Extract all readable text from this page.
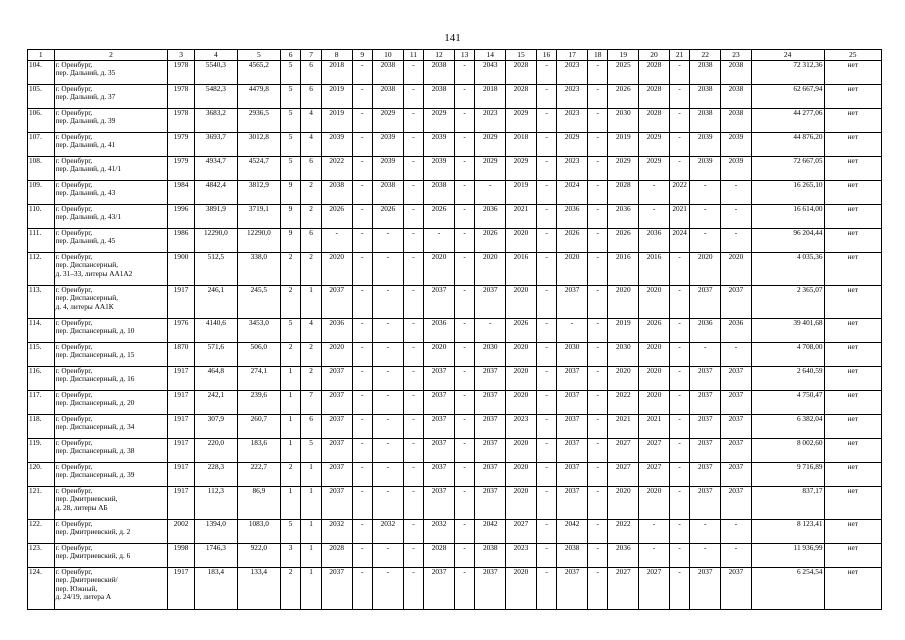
141
1	2	3	4	5	6	7	8	9	10	11	12	13	14	15	16	17	18	19	20	21	22	23	24	25
104.	г. Оренбург,
пер. Дальний, д. 35	1978	5540,3	4565,2	5	6	2018	-	2038	-	2038	-	2043	2028	-	2023	-	2025	2028	-	2038	2038	72 312,36	нет
105.	г. Оренбург,
пер. Дальний, д. 37	1978	5482,3	4479,8	5	6	2019	-	2038	-	2038	-	2018	2028	-	2023	-	2026	2028	-	2038	2038	62 667,94	нет
106.	г. Оренбург,
пер. Дальний, д. 39	1978	3683,2	2936,5	5	4	2019	-	2029	-	2029	-	2023	2029	-	2023	-	2030	2028	-	2038	2038	44 277,06	нет
107.	г. Оренбург,
пер. Дальний, д. 41	1979	3693,7	3012,8	5	4	2039	-	2039	-	2039	-	2029	2018	-	2029	-	2019	2029	-	2039	2039	44 876,20	нет
108.	г. Оренбург,
пер. Дальний, д. 41/1	1979	4934,7	4524,7	5	6	2022	-	2039	-	2039	-	2029	2029	-	2023	-	2029	2029	-	2039	2039	72 667,05	нет
109.	г. Оренбург,
пер. Дальний, д. 43	1984	4842,4	3812,9	9	2	2038	-	2038	-	2038	-	-	2019	-	2024	-	2028	-	2022	-	-	16 265,10	нет
110.	г. Оренбург,
пер. Дальний, д. 43/1	1996	3891,9	3719,1	9	2	2026	-	2026	-	2026	-	2036	2021	-	2036	-	2036	-	2021	-	-	16 614,00	нет
111.	г. Оренбург,
пер. Дальний, д. 45	1986	12290,0	12290,0	9	6	-	-	-	-	-	-	2026	2020	-	2026	-	2026	2036	2024	-	-	96 204,44	нет
112.	г. Оренбург,
пер. Диспансерный,
д. 31–33, литеры АА1А2	1900	512,5	338,0	2	2	2020	-	-	-	2020	-	2020	2016	-	2020	-	2016	2016	-	2020	2020	4 035,36	нет
113.	г. Оренбург,
пер. Диспансерный,
д. 4, литеры АА1К	1917	246,1	245,5	2	1	2037	-	-	-	2037	-	2037	2020	-	2037	-	2020	2020	-	2037	2037	2 365,07	нет
114.	г. Оренбург,
пер. Диспансерный, д. 10	1976	4140,6	3453,0	5	4	2036	-	-	-	2036	-	-	2026	-	-	-	2019	2026	-	2036	2036	39 401,68	нет
115.	г. Оренбург,
пер. Диспансерный, д. 15	1870	571,6	506,0	2	2	2020	-	-	-	2020	-	2030	2020	-	2030	-	2030	2020	-	-	-	4 708,00	нет
116.	г. Оренбург,
пер. Диспансерный, д. 16	1917	464,8	274,1	1	2	2037	-	-	-	2037	-	2037	2020	-	2037	-	2020	2020	-	2037	2037	2 640,59	нет
117.	г. Оренбург,
пер. Диспансерный, д. 20	1917	242,1	239,6	1	7	2037	-	-	-	2037	-	2037	2020	-	2037	-	2022	2020	-	2037	2037	4 750,47	нет
118.	г. Оренбург,
пер. Диспансерный, д. 34	1917	307,9	260,7	1	6	2037	-	-	-	2037	-	2037	2023	-	2037	-	2021	2021	-	2037	2037	6 382,04	нет
119.	г. Оренбург,
пер. Диспансерный, д. 38	1917	220,0	183,6	1	5	2037	-	-	-	2037	-	2037	2020	-	2037	-	2027	2027	-	2037	2037	8 002,60	нет
120.	г. Оренбург,
пер. Диспансерный, д. 39	1917	228,3	222,7	2	1	2037	-	-	-	2037	-	2037	2020	-	2037	-	2027	2027	-	2037	2037	9 716,89	нет
121.	г. Оренбург,
пер. Дмитриевский,
д. 28, литеры АБ	1917	112,3	86,9	1	1	2037	-	-	-	2037	-	2037	2020	-	2037	-	2020	2020	-	2037	2037	837,17	нет
122.	г. Оренбург,
пер. Дмитриевский, д. 2	2002	1394,0	1083,0	5	1	2032	-	2032	-	2032	-	2042	2027	-	2042	-	2022	-	-	-	-	8 123,41	нет
123.	г. Оренбург,
пер. Дмитриевский, д. 6	1998	1746,3	922,0	3	1	2028	-	-	-	2028	-	2038	2023	-	2038	-	2036	-	-	-	-	11 936,99	нет
124.	г. Оренбург,
пер. Дмитриевский/
пер. Южный,
д. 24/19, литера А	1917	183,4	133,4	2	1	2037	-	-	-	2037	-	2037	2020	-	2037	-	2027	2027	-	2037	2037	6 254,54	нет
